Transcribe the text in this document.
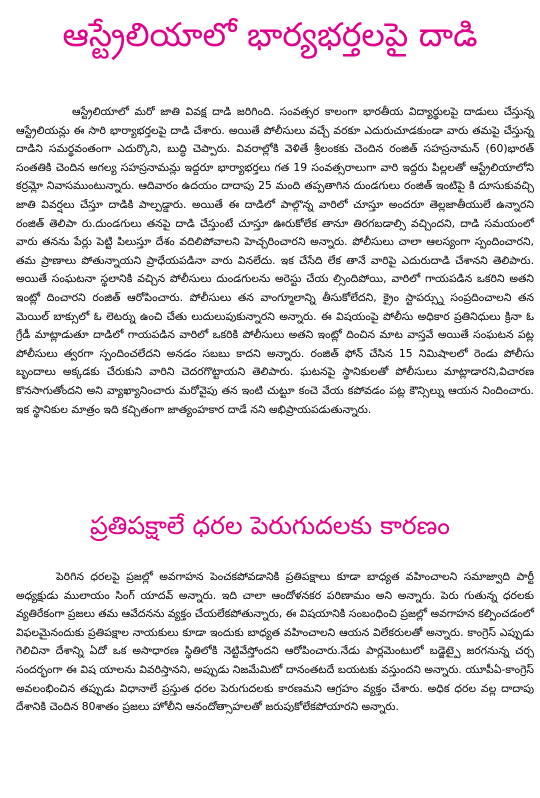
ఆస్ట్రేలియాలో భార్యభర్తలపై దాడి

ఆస్ట్రేలియాలో మరో జాతి వివక్ష దాడి జరిగింది. సంవత్సర కాలంగా భారతీయ విద్యార్థులపై దాడులు చేస్తున్న ఆస్ట్రేలియన్లు ఈ సారి భార్యాభర్తలపై దాడి చేశారు. అయితే పోలీసులు వచ్చే వరకూ ఎదురుచూడకుండా వారు తమపై చేస్తున్న దాడిని సమర్థవంతంగా ఎదుర్కొని, బుద్ధి చెప్పారు. వివరాల్లోకి వెళితే శ్రీలంకకు చెందిన రంజిత్ సహస్రనామన్ (60)భారత్ సంతతికి చెందిన అగల్య సహస్రనామన్లు ఇద్దరూ భార్యాభర్తలు గత 19 సంవత్సరాలుగా వారి ఇద్దరు పిల్లలతో ఆస్ట్రేలియాలోని కర్రమ్లో నివాసముంటున్నారు. ఆదివారం ఉదయం దాదాపు 25 మంది తప్పతాగిన దుండగులు రంజిత్ ఇంటిపై కి దూసుకువచ్చి జాతి వివర్షలు చేస్తూ దాడికి పాల్పడ్డారు. అయితే ఈ దాడిలో పాల్గొన్న వారిలో చూస్తూ అందరూ తెల్లజాతీయులే ఉన్నారని రంజిత్ తెలిపా రు.దుండగులు తనపై దాడి చేస్తుంటే చూస్తూ ఊరుకోలేక తానూ తిరగబడాల్సి వచ్చిందని, దాడి సమయంలో వారు తనను పేర్లు పెట్టి పిలుస్తూ దేశం వదిలిపోవాలని హెచ్చరించారని అన్నారు. పోలీసులు చాలా ఆలస్యంగా స్పందించారని, తమ ప్రాణాలు పోతున్నాయని ప్రాధేయపడినా వారు వినలేదు. ఇక చేసేది లేక తానే వారిపై ఎదురుదాడి చేశానని తెలిపారు. అయితే సంఘటనా స్థలానికి వచ్చిన పోలీసులు దుండగులను అరెస్టు చేయ ల్సిందిపోయి, వారిలో గాయపడిన ఒకరిని అతని ఇంట్లో దించారని రంజిత్ ఆరోపించారు. పోలీసులు తన వాంగ్మూలాన్ని తీసుకోలేదని, క్రైం స్టాపర్స్ను సంప్రదించాలని తన మెయిల్ బాక్సులో ఓ లెటర్ను ఉంచి చేతు లుదులుపుకున్నారని అన్నారు. ఈ విషయంపై పోలీసు అధికార ప్రతినిధులు క్రినా ఓ గ్రేడీ మాట్లాడుతూ దాడిలో గాయపడిన వారిలో ఒకరికి పోలీసులు అతని ఇంట్లో దించిన మాట వాస్తవే అయితే సంఘటన పట్ల పోలీసులు త్వరగా స్పందించలేదని అనడం సబబు కాదని అన్నారు. రంజిత్ ఫోన్ చేసిన 15 నిమిషాలలో రెండు పోలీసు బృందాలు అక్కడకు చేరుకుని వారిని చెదరగొట్టాయని తెలిపారు. ఘటనపై స్థానికులతో పోలీసులు మాట్లాడారని,విచారణ కొనసాగుతోందని అని వ్యాఖ్యానించారు మరోవైపు తన ఇంటి చుట్టూ కంచె వేయ కపోవడం పట్ల కౌన్సిల్ను ఆయన నిందించారు. ఇక స్థానికుల మాత్రం ఇది కచ్చితంగా జాత్యంహకార దాడే నని అభిప్రాయపడుతున్నారు.

ప్రతిపక్షాలే ధరల పెరుగుదలకు కారణం

పెరిగిన ధరలపై ప్రజల్లో అవగాహన పెంచకపోవడానికి ప్రతిపక్షాలు కూడా బాధ్యత వహించాలని సమాజ్వాది పార్టీ అధ్యక్షుడు ములాయం సింగ్ యాదవ్ అన్నారు. ఇది చాలా ఆందోళనకర పరిణామం అని అన్నారు. పెరు గుతున్న ధరలకు వ్యతిరేకంగా ప్రజలు తమ ఆవేదనను వ్యక్తం చేయలేకపోతున్నారు, ఈ విషయానికి సంబంధించి ప్రజల్లో అవగాహన కల్పించడంలో విఫలమైనందుకు ప్రతిపక్షాల నాయకులు కూడా ఇందుకు బాధ్యత వహించాలని ఆయన విలేకరులతో అన్నారు. కాంగ్రెస్ ఎప్పుడు గెలిచినా దేశాన్ని ఏదో ఒక అసాధారణ స్థితిలోకి నెట్టివేస్తోందని ఆరోపించారు.నేడు పార్లమెంటులో బడ్జెట్పై జరగనున్న చర్చ సందర్భంగా ఈ విష యాలను వివరిస్తానని, అప్పుడు నిజమేమిటో దానంతటదే బయటకు వస్తుందని అన్నారు. యూపీఏ-కాంగ్రెస్ అవలంభించిన తప్పుడు విధానాలే ప్రస్తుత ధరల పెరుగుదలకు కారణమని ఆగ్రహం వ్యక్తం చేశారు. అధిక ధరల వల్ల దాదాపు దేశానికి చెందిన 80శాతం ప్రజలు హోలీని ఆనందోత్సాహలతో జరుపుకోలేకపోయారని అన్నారు.
